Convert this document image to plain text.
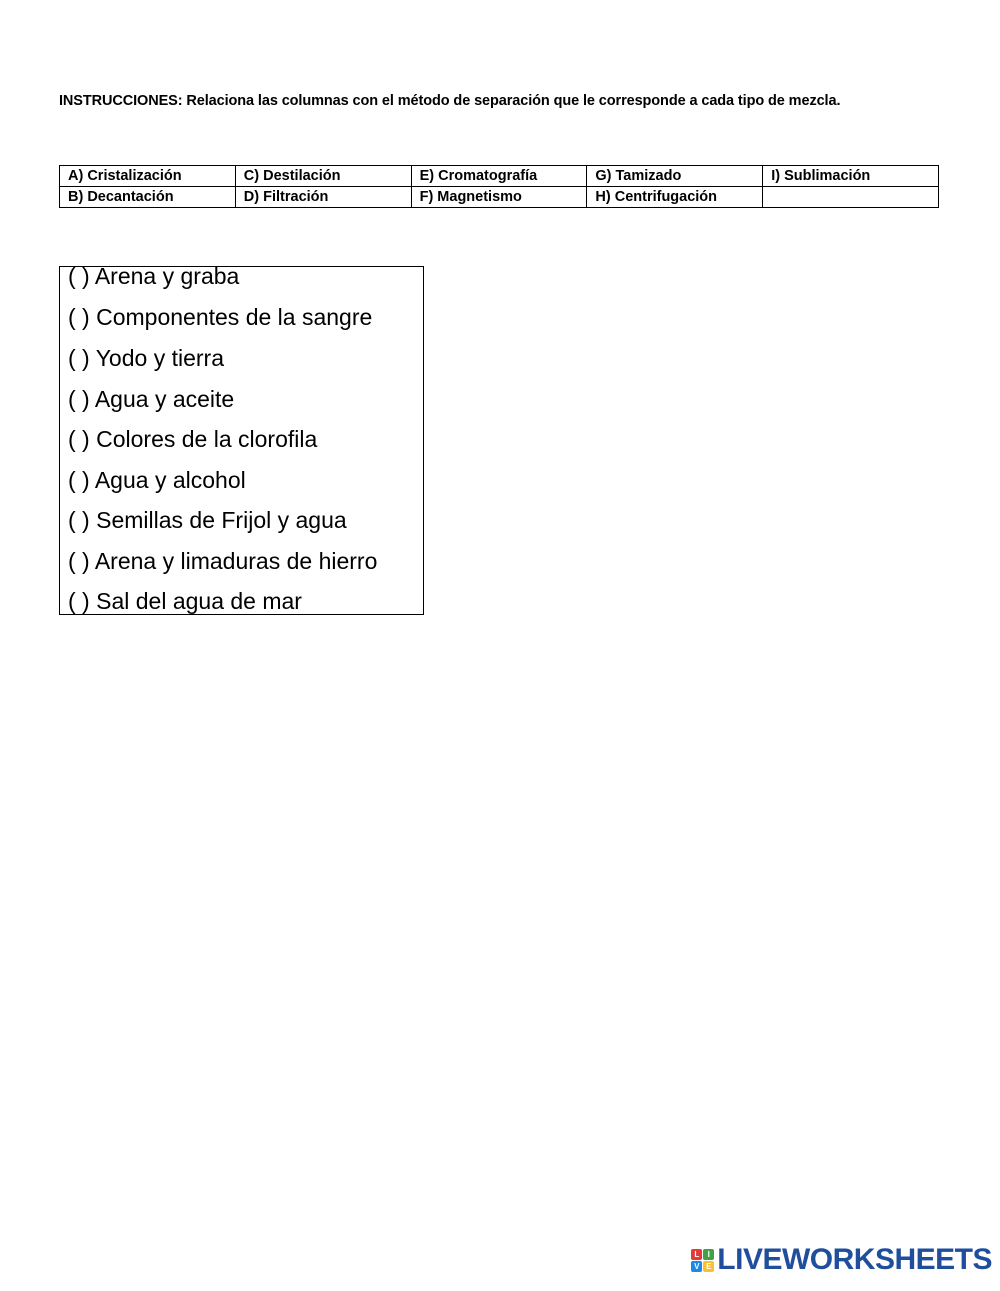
INSTRUCCIONES: Relaciona las columnas con el método de separación que le corresponde a cada tipo de mezcla.
A) Cristalización	C) Destilación	E) Cromatografía	G) Tamizado	I) Sublimación
B) Decantación	D) Filtración	F) Magnetismo	H) Centrifugación	
( ) Arena y graba
( ) Componentes de la sangre
( ) Yodo y tierra
( ) Agua y aceite
( ) Colores de la clorofila
( ) Agua y alcohol
( ) Semillas de Frijol y agua
( ) Arena y limaduras de hierro
( ) Sal del agua de mar
L	I
V E LIVEWORKSHEETS
